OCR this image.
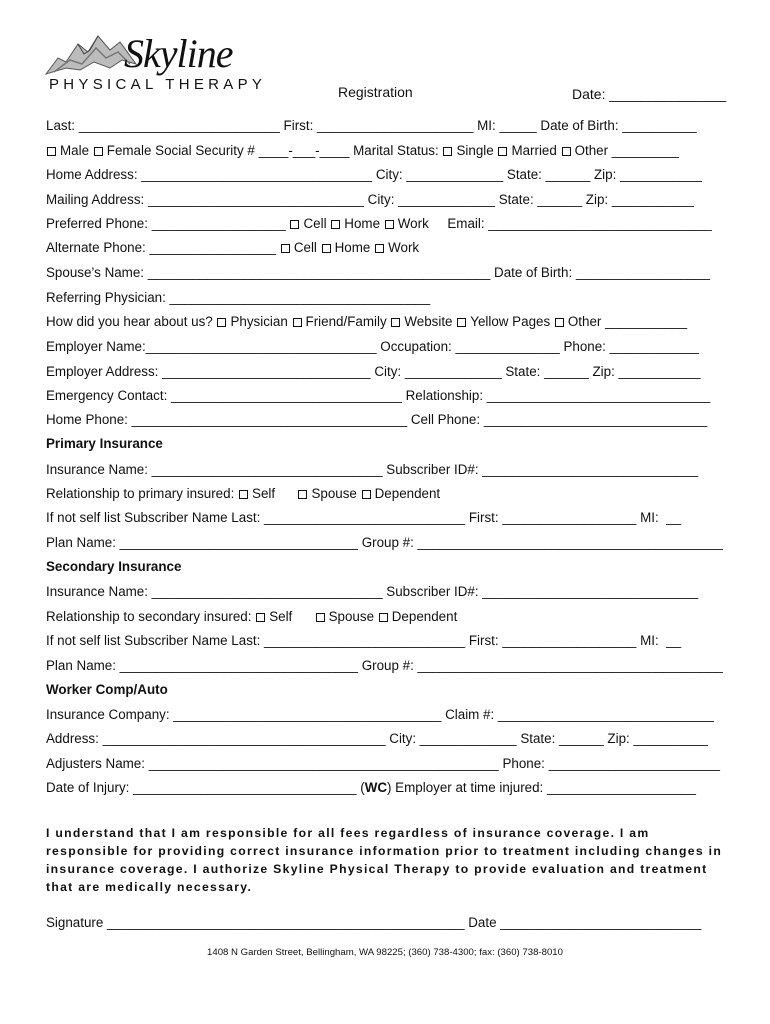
Skyline
PHYSICAL THERAPY	Registration	Date: _______________
Last: ___________________________ First: _____________________ MI: _____ Date of Birth: __________
Male Female Social Security # ____-___-____ Marital Status: Single Married Other _________
Home Address: _______________________________ City: _____________ State: ______ Zip: ___________
Mailing Address: _____________________________ City: _____________ State: ______ Zip: ___________
Preferred Phone: __________________ Cell Home Work     Email: ______________________________
Alternate Phone: _________________ Cell Home Work
Spouse’s Name: ______________________________________________ Date of Birth: __________________
Referring Physician: ___________________________________
How did you hear about us? Physician Friend/Family Website Yellow Pages Other ___________
Employer Name:_______________________________ Occupation: ______________ Phone: ____________
Employer Address: ____________________________ City: _____________ State: ______ Zip: ___________
Emergency Contact: _______________________________ Relationship: ______________________________
Home Phone: _____________________________________ Cell Phone: ______________________________
Primary Insurance
Insurance Name: _______________________________ Subscriber ID#: _____________________________
Relationship to primary insured: Self      Spouse Dependent
If not self list Subscriber Name Last: ___________________________ First: __________________ MI:  __
Plan Name: ________________________________ Group #: _________________________________________
Secondary Insurance
Insurance Name: _______________________________ Subscriber ID#: _____________________________
Relationship to secondary insured: Self      Spouse Dependent
If not self list Subscriber Name Last: ___________________________ First: __________________ MI:  __
Plan Name: ________________________________ Group #: _________________________________________
Worker Comp/Auto
Insurance Company: ____________________________________ Claim #: _____________________________
Address: ______________________________________ City: _____________ State: ______ Zip: __________
Adjusters Name: _______________________________________________ Phone: _______________________
Date of Injury: ______________________________ (WC) Employer at time injured: ____________________
I understand that I am responsible for all fees regardless of insurance coverage. I am responsible for providing correct insurance information prior to treatment including changes in insurance coverage. I authorize Skyline Physical Therapy to provide evaluation and treatment that are medically necessary.
Signature ________________________________________________ Date ___________________________
1408 N Garden Street, Bellingham, WA 98225; (360) 738-4300; fax: (360) 738-8010
